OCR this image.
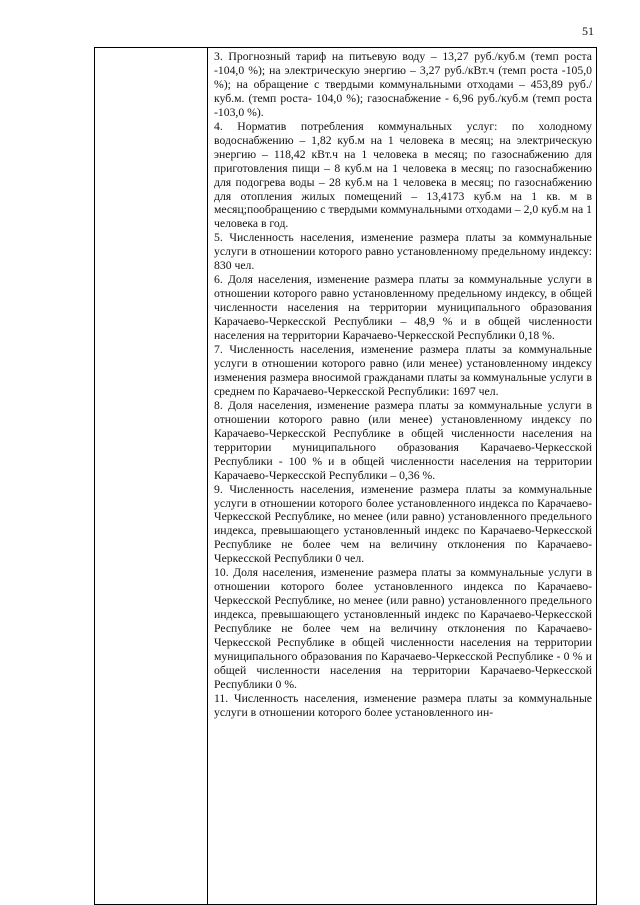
51

3. Прогнозный тариф на питьевую воду – 13,27 руб./куб.м (темп роста -104,0 %); на электрическую энергию – 3,27 руб./кВт.ч (темп роста -105,0 %); на обращение с твердыми коммунальными отходами – 453,89 руб./куб.м. (темп роста- 104,0 %); газоснабжение - 6,96 руб./куб.м (темп роста -103,0 %).

4. Норматив потребления коммунальных услуг: по холодному водоснабжению – 1,82 куб.м на 1 человека в месяц; на электрическую энергию – 118,42 кВт.ч на 1 человека в месяц; по газоснабжению для приготовления пищи – 8 куб.м на 1 человека в месяц; по газоснабжению для подогрева воды – 28 куб.м на 1 человека в месяц; по газоснабжению для отопления жилых помещений – 13,4173 куб.м на 1 кв. м в месяц;пообращению с твердыми коммунальными отходами – 2,0 куб.м на 1 человека в год.

5. Численность населения, изменение размера платы за коммунальные услуги в отношении которого равно установленному предельному индексу: 830 чел.

6. Доля населения, изменение размера платы за коммунальные услуги в отношении которого равно установленному предельному индексу, в общей численности населения на территории муниципального образования Карачаево-Черкесской Республики – 48,9 % и в общей численности населения на территории Карачаево-Черкесской Республики 0,18 %.

7. Численность населения, изменение размера платы за коммунальные услуги в отношении которого равно (или менее) установленному индексу изменения размера вносимой гражданами платы за коммунальные услуги в среднем по Карачаево-Черкесской Республики: 1697 чел.

8. Доля населения, изменение размера платы за коммунальные услуги в отношении которого равно (или менее) установленному индексу по Карачаево-Черкесской Республике в общей численности населения на территории муниципального образования Карачаево-Черкесской Республики - 100 % и в общей численности населения на территории Карачаево-Черкесской Республики – 0,36 %.

9. Численность населения, изменение размера платы за коммунальные услуги в отношении которого более установленного индекса по Карачаево-Черкесской Республике, но менее (или равно) установленного предельного индекса, превышающего установленный индекс по Карачаево-Черкесской Республике не более чем на величину отклонения по Карачаево-Черкесской Республики 0 чел.

10. Доля населения, изменение размера платы за коммунальные услуги в отношении которого более установленного индекса по Карачаево-Черкесской Республике, но менее (или равно) установленного предельного индекса, превышающего установленный индекс по Карачаево-Черкесской Республике не более чем на величину отклонения по Карачаево-Черкесской Республике в общей численности населения на территории муниципального образования по Карачаево-Черкесской Республике - 0 % и общей численности населения на территории Карачаево-Черкесской Республики 0 %.

11. Численность населения, изменение размера платы за коммунальные услуги в отношении которого более установленного ин-
